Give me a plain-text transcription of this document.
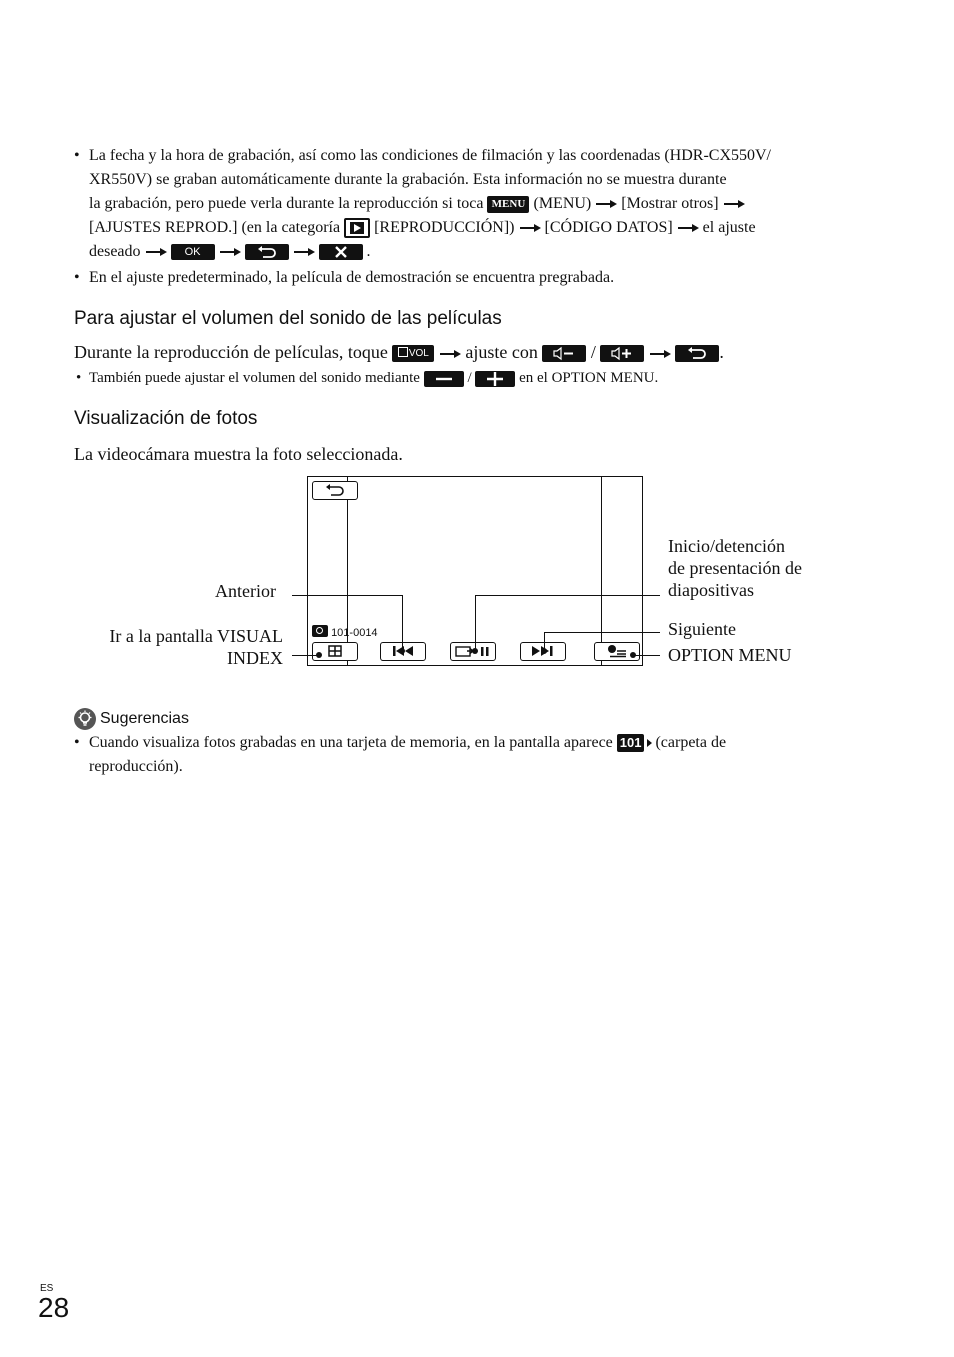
• La fecha y la hora de grabación, así como las condiciones de filmación y las coordenadas (HDR-CX550V/
XR550V) se graban automáticamente durante la grabación. Esta información no se muestra durante
la grabación, pero puede verla durante la reproducción si toca MENU (MENU) [Mostrar otros]
[AJUSTES REPROD.] (en la categoría [REPRODUCCIÓN]) [CÓDIGO DATOS] el ajuste
deseado	OK	.
• En el ajuste predeterminado, la película de demostración se encuentra pregrabada.
Para ajustar el volumen del sonido de las películas
Durante la reproducción de películas, toque VOL ajuste con	/	.
• También puede ajustar el volumen del sonido mediante	/	en el OPTION MENU.
Visualización de fotos
La videocámara muestra la foto seleccionada.
101-0014
Anterior
Ir a la pantalla VISUAL
INDEX
Inicio/detención
de presentación de
diapositivas
Siguiente
OPTION MENU
Sugerencias
• Cuando visualiza fotos grabadas en una tarjeta de memoria, en la pantalla aparece 101 (carpeta de
reproducción).
ES
28
